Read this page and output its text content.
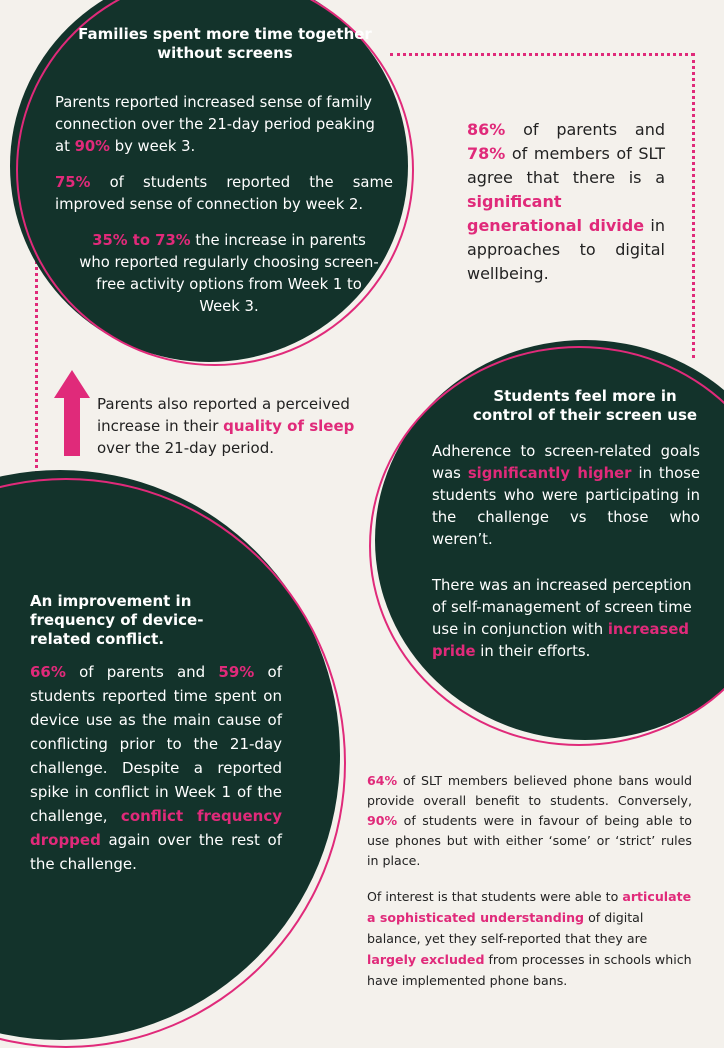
Families spent more time together
without screens

Parents reported increased sense of family connection over the 21-day period peaking at 90% by week 3.

75% of students reported the same improved sense of connection by week 2.

35% to 73% the increase in parents who reported regularly choosing screen-free activity options from Week 1 to Week 3.

86% of parents and 78% of members of SLT agree that there is a significant generational divide in approaches to digital wellbeing.
Parents also reported a perceived increase in their quality of sleep over the 21-day period.
Students feel more in
control of their screen use

Adherence to screen-related goals was significantly higher in those students who were participating in the challenge vs those who weren’t.

There was an increased perception of self-management of screen time use in conjunction with increased pride in their efforts.

An improvement in
frequency of device-
related conflict.
66% of parents and 59% of students reported time spent on device use as the main cause of conflicting prior to the 21-day challenge. Despite a reported spike in conflict in Week 1 of the challenge, conflict frequency dropped again over the rest of the challenge.
64% of SLT members believed phone bans would provide overall benefit to students. Conversely, 90% of students were in favour of being able to use phones but with either ‘some’ or ‘strict’ rules in place.
Of interest is that students were able to articulate a sophisticated understanding of digital balance, yet they self-reported that they are largely excluded from processes in schools which have implemented phone bans.
